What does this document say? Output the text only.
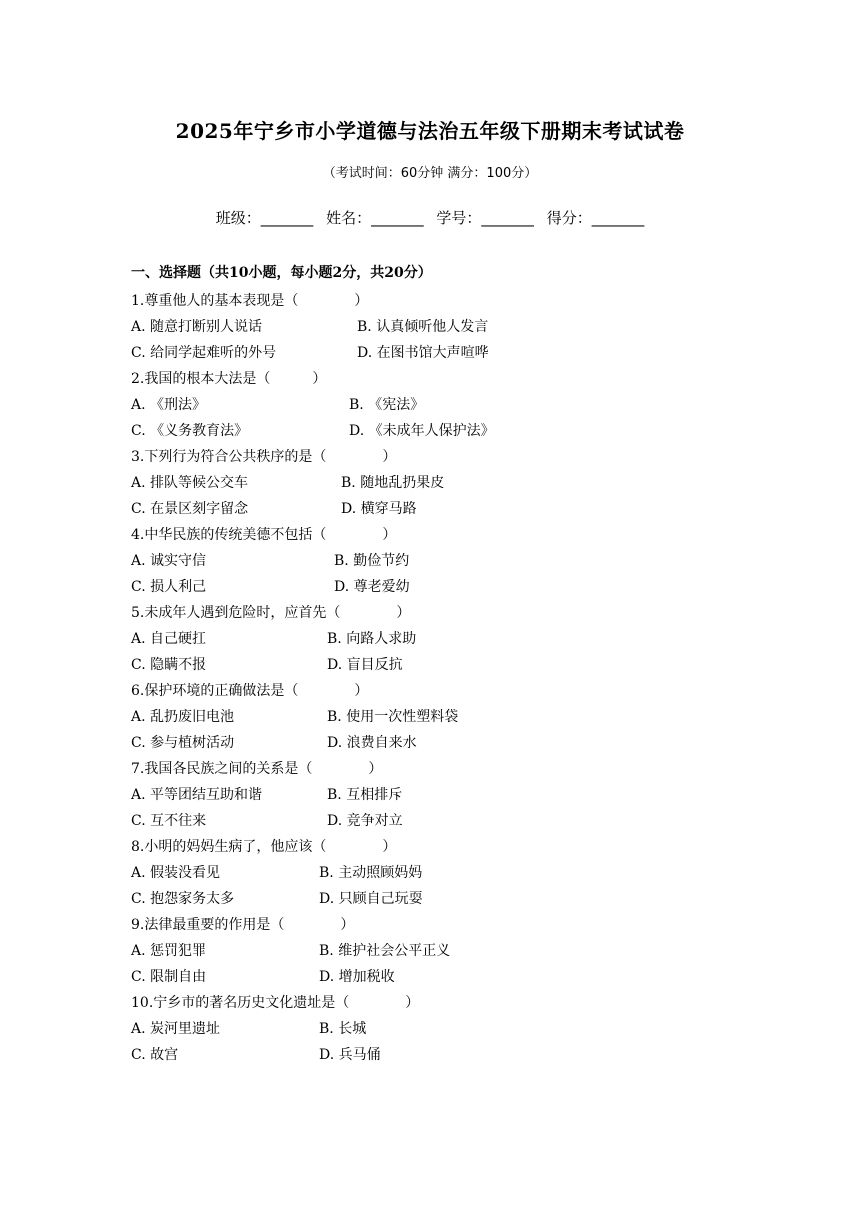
2025年宁乡市小学道德与法治五年级下册期末考试试卷
（考试时间：60分钟 满分：100分）
班级：_______ 姓名：_______ 学号：_______ 得分：_______
一、选择题（共10小题，每小题2分，共20分）
1.尊重他人的基本表现是（　　　　）
A. 随意打断别人说话	B. 认真倾听他人发言
C. 给同学起难听的外号	D. 在图书馆大声喧哗
2.我国的根本大法是（　　　）
A. 《刑法》	B. 《宪法》
C. 《义务教育法》	D. 《未成年人保护法》
3.下列行为符合公共秩序的是（　　　　）
A. 排队等候公交车	B. 随地乱扔果皮
C. 在景区刻字留念	D. 横穿马路
4.中华民族的传统美德不包括（　　　　）
A. 诚实守信	B. 勤俭节约
C. 损人利己	D. 尊老爱幼
5.未成年人遇到危险时，应首先（　　　　）
A. 自己硬扛	B. 向路人求助
C. 隐瞒不报	D. 盲目反抗
6.保护环境的正确做法是（　　　　）
A. 乱扔废旧电池	B. 使用一次性塑料袋
C. 参与植树活动	D. 浪费自来水
7.我国各民族之间的关系是（　　　　）
A. 平等团结互助和谐	B. 互相排斥
C. 互不往来	D. 竞争对立
8.小明的妈妈生病了，他应该（　　　　）
A. 假装没看见	B. 主动照顾妈妈
C. 抱怨家务太多	D. 只顾自己玩耍
9.法律最重要的作用是（　　　　）
A. 惩罚犯罪	B. 维护社会公平正义
C. 限制自由	D. 增加税收
10.宁乡市的著名历史文化遗址是（　　　　）
A. 炭河里遗址	B. 长城
C. 故宫	D. 兵马俑
